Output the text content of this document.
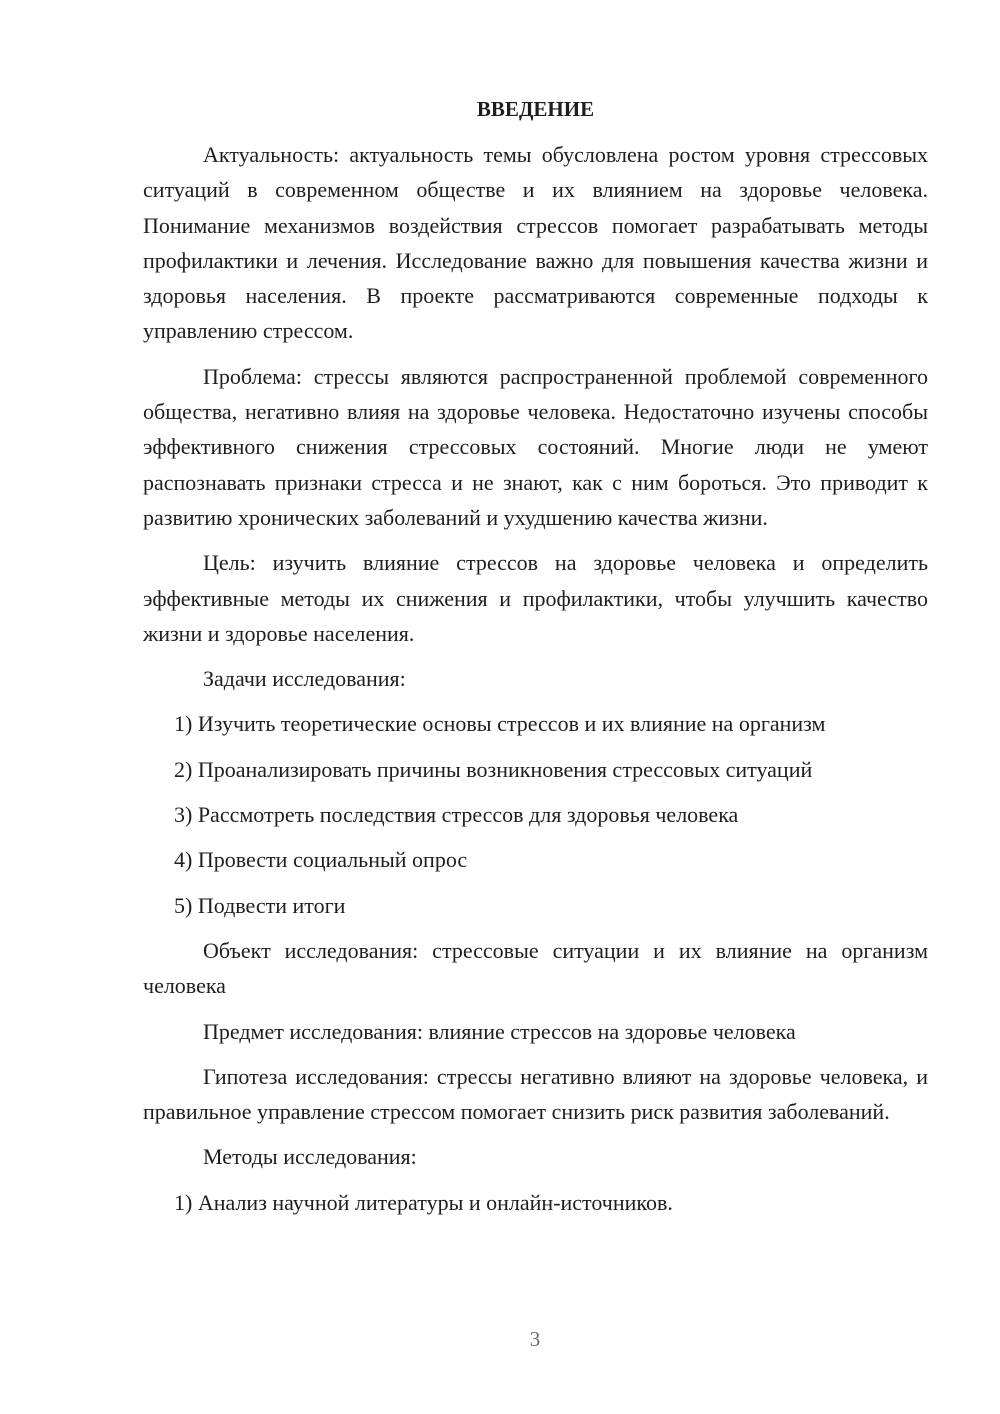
ВВЕДЕНИЕ

Актуальность: актуальность темы обусловлена ростом уровня стрессовых ситуаций в современном обществе и их влиянием на здоровье человека. Понимание механизмов воздействия стрессов помогает разрабатывать методы профилактики и лечения. Исследование важно для повышения качества жизни и здоровья населения. В проекте рассматриваются современные подходы к управлению стрессом.

Проблема: стрессы являются распространенной проблемой современного общества, негативно влияя на здоровье человека. Недостаточно изучены способы эффективного снижения стрессовых состояний. Многие люди не умеют распознавать признаки стресса и не знают, как с ним бороться. Это приводит к развитию хронических заболеваний и ухудшению качества жизни.

Цель: изучить влияние стрессов на здоровье человека и определить эффективные методы их снижения и профилактики, чтобы улучшить качество жизни и здоровье населения.

Задачи исследования:

1) Изучить теоретические основы стрессов и их влияние на организм

2) Проанализировать причины возникновения стрессовых ситуаций

3) Рассмотреть последствия стрессов для здоровья человека

4) Провести социальный опрос

5) Подвести итоги

Объект исследования: стрессовые ситуации и их влияние на организм человека

Предмет исследования: влияние стрессов на здоровье человека

Гипотеза исследования: стрессы негативно влияют на здоровье человека, и правильное управление стрессом помогает снизить риск развития заболеваний.

Методы исследования:

1) Анализ научной литературы и онлайн-источников.

3
